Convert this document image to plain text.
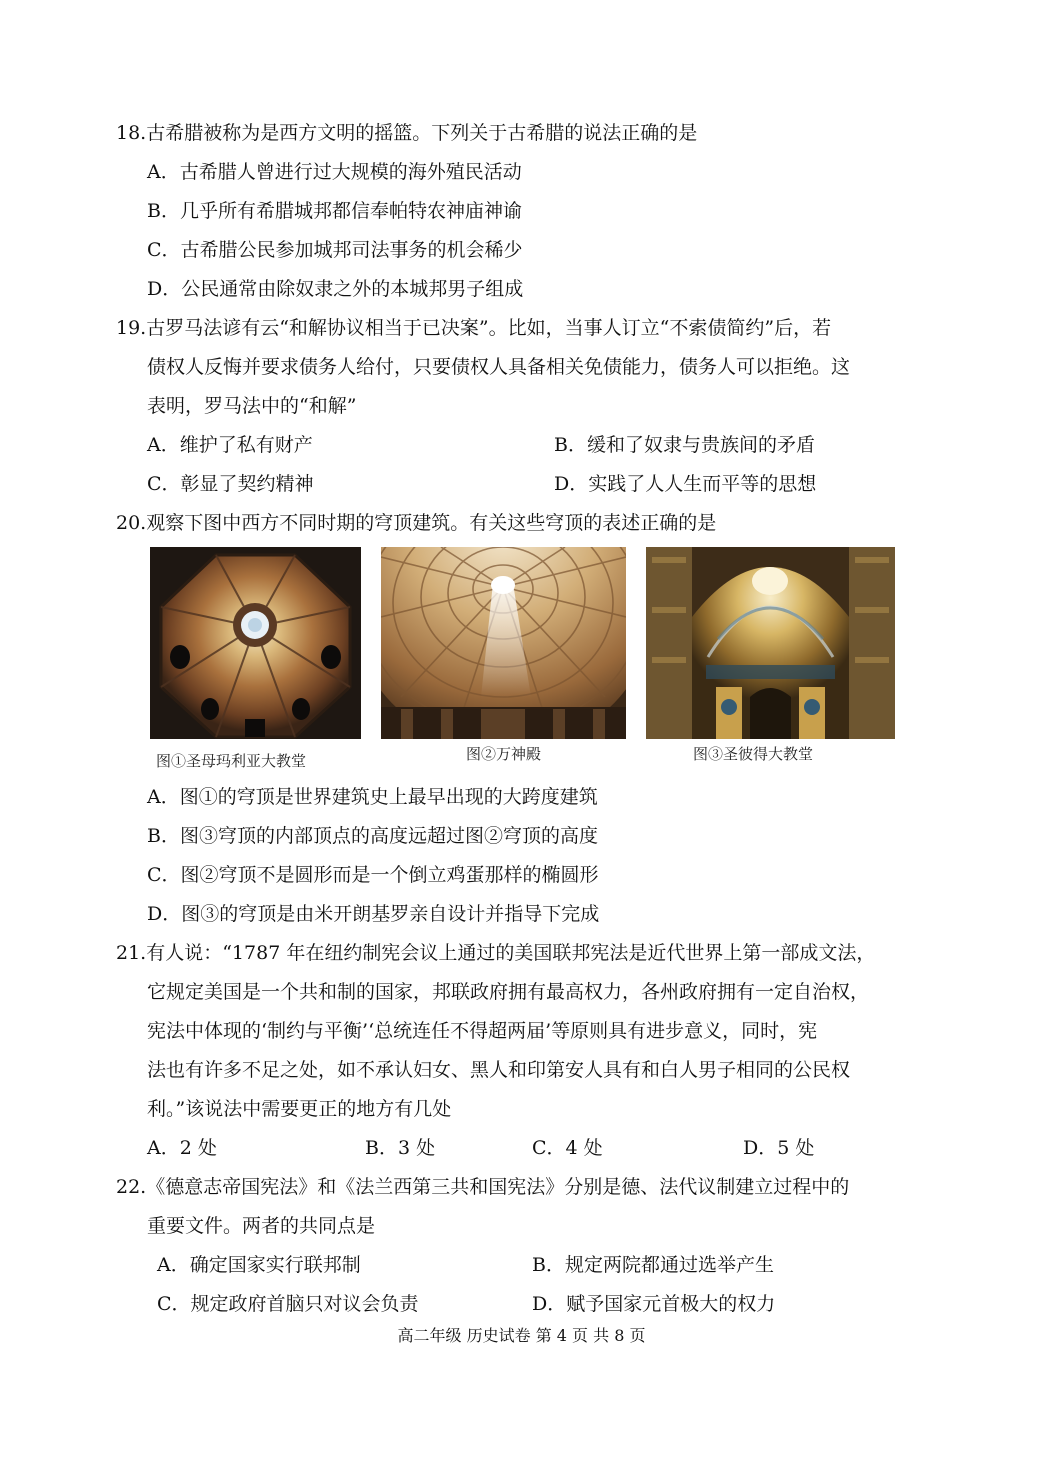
18.古希腊被称为是西方文明的摇篮。下列关于古希腊的说法正确的是
A．古希腊人曾进行过大规模的海外殖民活动
B．几乎所有希腊城邦都信奉帕特农神庙神谕
C．古希腊公民参加城邦司法事务的机会稀少
D．公民通常由除奴隶之外的本城邦男子组成
19.古罗马法谚有云“和解协议相当于已决案”。比如，当事人订立“不索债简约”后，若
债权人反悔并要求债务人给付，只要债权人具备相关免债能力，债务人可以拒绝。这
表明，罗马法中的“和解”
A．维护了私有财产	B．缓和了奴隶与贵族间的矛盾
C．彰显了契约精神	D．实践了人人生而平等的思想
20.观察下图中西方不同时期的穹顶建筑。有关这些穹顶的表述正确的是
图①圣母玛利亚大教堂	图②万神殿	图③圣彼得大教堂
A．图①的穹顶是世界建筑史上最早出现的大跨度建筑
B．图③穹顶的内部顶点的高度远超过图②穹顶的高度
C．图②穹顶不是圆形而是一个倒立鸡蛋那样的椭圆形
D．图③的穹顶是由米开朗基罗亲自设计并指导下完成
21.有人说：“1787 年在纽约制宪会议上通过的美国联邦宪法是近代世界上第一部成文法，
它规定美国是一个共和制的国家，邦联政府拥有最高权力，各州政府拥有一定自治权，
宪法中体现的‘制约与平衡’‘总统连任不得超两届’等原则具有进步意义，同时，宪
法也有许多不足之处，如不承认妇女、黑人和印第安人具有和白人男子相同的公民权
利。”该说法中需要更正的地方有几处
A．2 处	B．3 处	C．4 处	D．5 处
22.《德意志帝国宪法》和《法兰西第三共和国宪法》分别是德、法代议制建立过程中的
重要文件。两者的共同点是
A．确定国家实行联邦制	B．规定两院都通过选举产生
C．规定政府首脑只对议会负责	D．赋予国家元首极大的权力
高二年级 历史试卷 第 4 页 共 8 页
